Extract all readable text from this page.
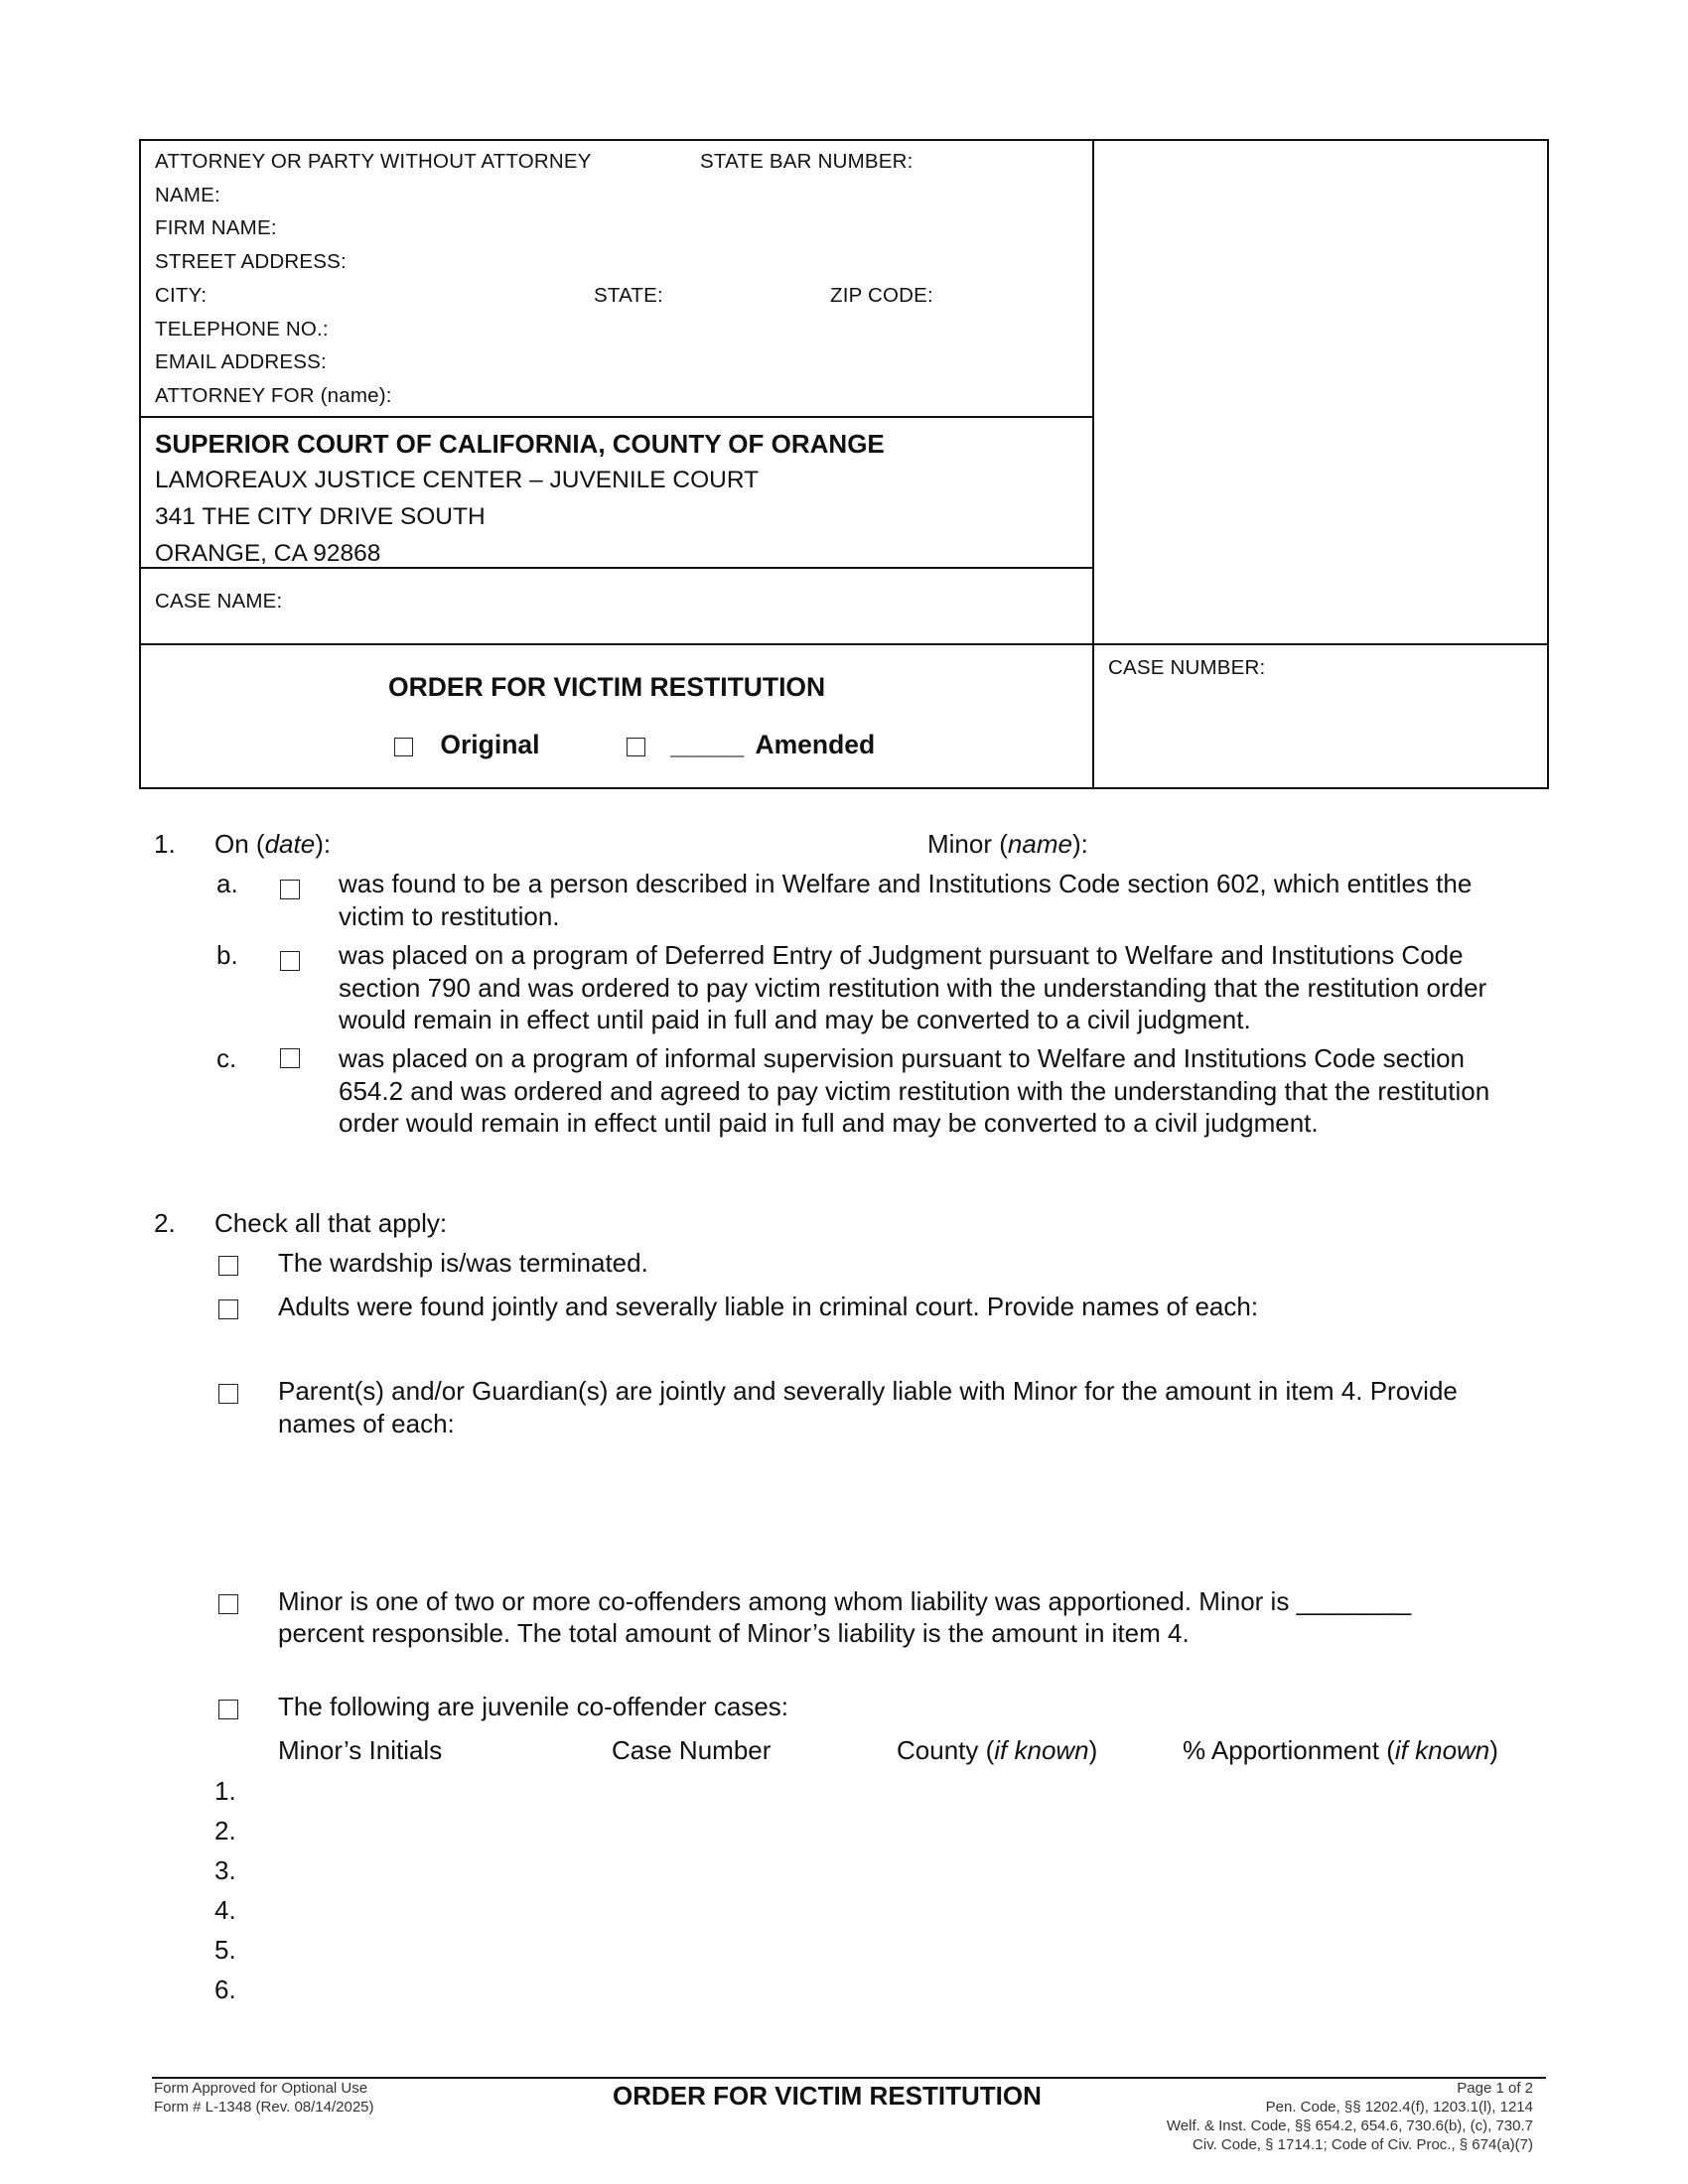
ATTORNEY OR PARTY WITHOUT ATTORNEY	STATE BAR NUMBER:
NAME:
FIRM NAME:
STREET ADDRESS:
CITY:	STATE:	ZIP CODE:
TELEPHONE NO.:
EMAIL ADDRESS:
ATTORNEY FOR (name):
SUPERIOR COURT OF CALIFORNIA, COUNTY OF ORANGE
LAMOREAUX JUSTICE CENTER – JUVENILE COURT
341 THE CITY DRIVE SOUTH
ORANGE, CA 92868
CASE NAME:
ORDER FOR VICTIM RESTITUTION
Original	_____ Amended
CASE NUMBER:
1. On (date):	Minor (name):
a.	was found to be a person described in Welfare and Institutions Code section 602, which entitles the victim to restitution.
b.	was placed on a program of Deferred Entry of Judgment pursuant to Welfare and Institutions Code section 790 and was ordered to pay victim restitution with the understanding that the restitution order would remain in effect until paid in full and may be converted to a civil judgment.
c.	was placed on a program of informal supervision pursuant to Welfare and Institutions Code section 654.2 and was ordered and agreed to pay victim restitution with the understanding that the restitution order would remain in effect until paid in full and may be converted to a civil judgment.
2. Check all that apply:
The wardship is/was terminated.
Adults were found jointly and severally liable in criminal court. Provide names of each:
Parent(s) and/or Guardian(s) are jointly and severally liable with Minor for the amount in item 4. Provide names of each:
Minor is one of two or more co-offenders among whom liability was apportioned. Minor is ________
percent responsible. The total amount of Minor’s liability is the amount in item 4.
The following are juvenile co-offender cases:
Minor’s Initials	Case Number	County (if known)	% Apportionment (if known)
1.
2.
3.
4.
5.
6.
Form Approved for Optional Use
Form # L-1348 (Rev. 08/14/2025)	ORDER FOR VICTIM RESTITUTION	Page 1 of 2
Pen. Code, §§ 1202.4(f), 1203.1(l), 1214
Welf. & Inst. Code, §§ 654.2, 654.6, 730.6(b), (c), 730.7
Civ. Code, § 1714.1; Code of Civ. Proc., § 674(a)(7)
